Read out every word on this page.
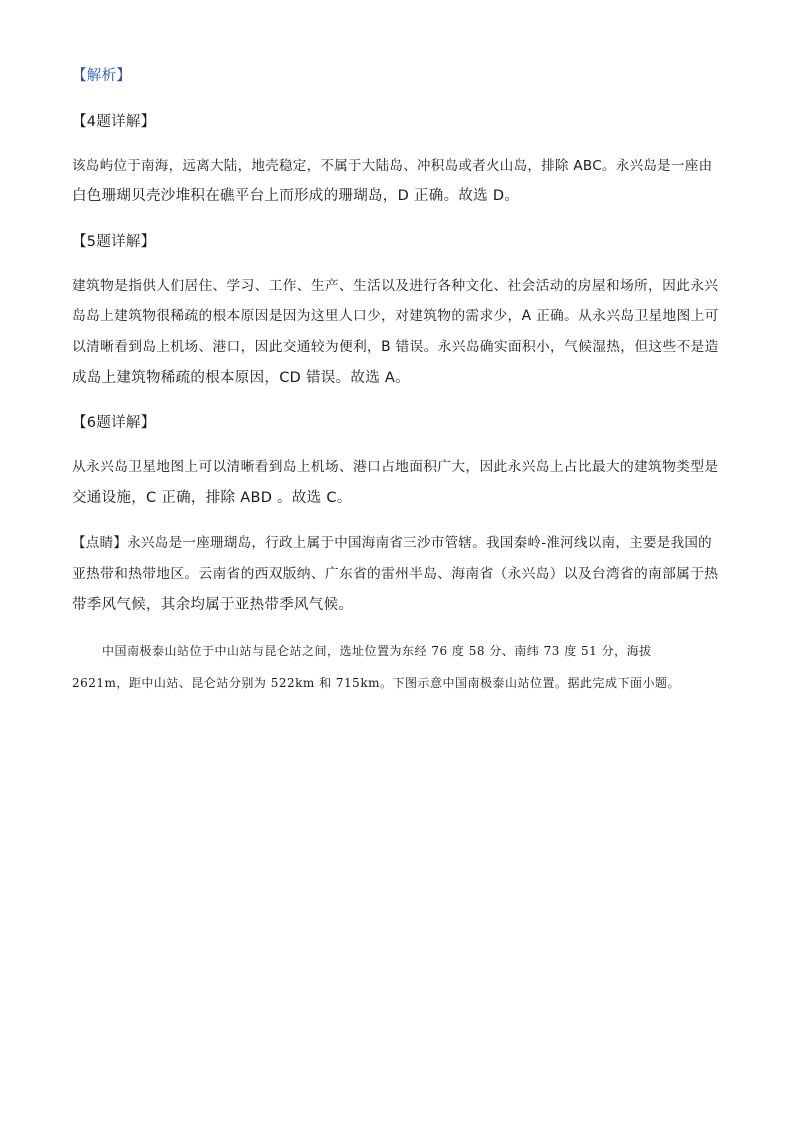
【解析】
【4题详解】
该岛屿位于南海，远离大陆，地壳稳定，不属于大陆岛、冲积岛或者火山岛，排除 ABC。永兴岛是一座由
白色珊瑚贝壳沙堆积在礁平台上而形成的珊瑚岛，D 正确。故选 D。
【5题详解】
建筑物是指供人们居住、学习、工作、生产、生活以及进行各种文化、社会活动的房屋和场所，因此永兴
岛岛上建筑物很稀疏的根本原因是因为这里人口少，对建筑物的需求少，A 正确。从永兴岛卫星地图上可
以清晰看到岛上机场、港口，因此交通较为便利，B 错误。永兴岛确实面积小，气候湿热，但这些不是造
成岛上建筑物稀疏的根本原因，CD 错误。故选 A。
【6题详解】
从永兴岛卫星地图上可以清晰看到岛上机场、港口占地面积广大，因此永兴岛上占比最大的建筑物类型是
交通设施，C 正确，排除 ABD 。故选 C。
【点睛】永兴岛是一座珊瑚岛，行政上属于中国海南省三沙市管辖。我国秦岭-淮河线以南，主要是我国的
亚热带和热带地区。云南省的西双版纳、广东省的雷州半岛、海南省（永兴岛）以及台湾省的南部属于热
带季风气候，其余均属于亚热带季风气候。
中国南极泰山站位于中山站与昆仑站之间，选址位置为东经 76 度 58 分、南纬 73 度 51 分，海拔
2621m，距中山站、昆仑站分别为 522km 和 715km。下图示意中国南极泰山站位置。据此完成下面小题。
